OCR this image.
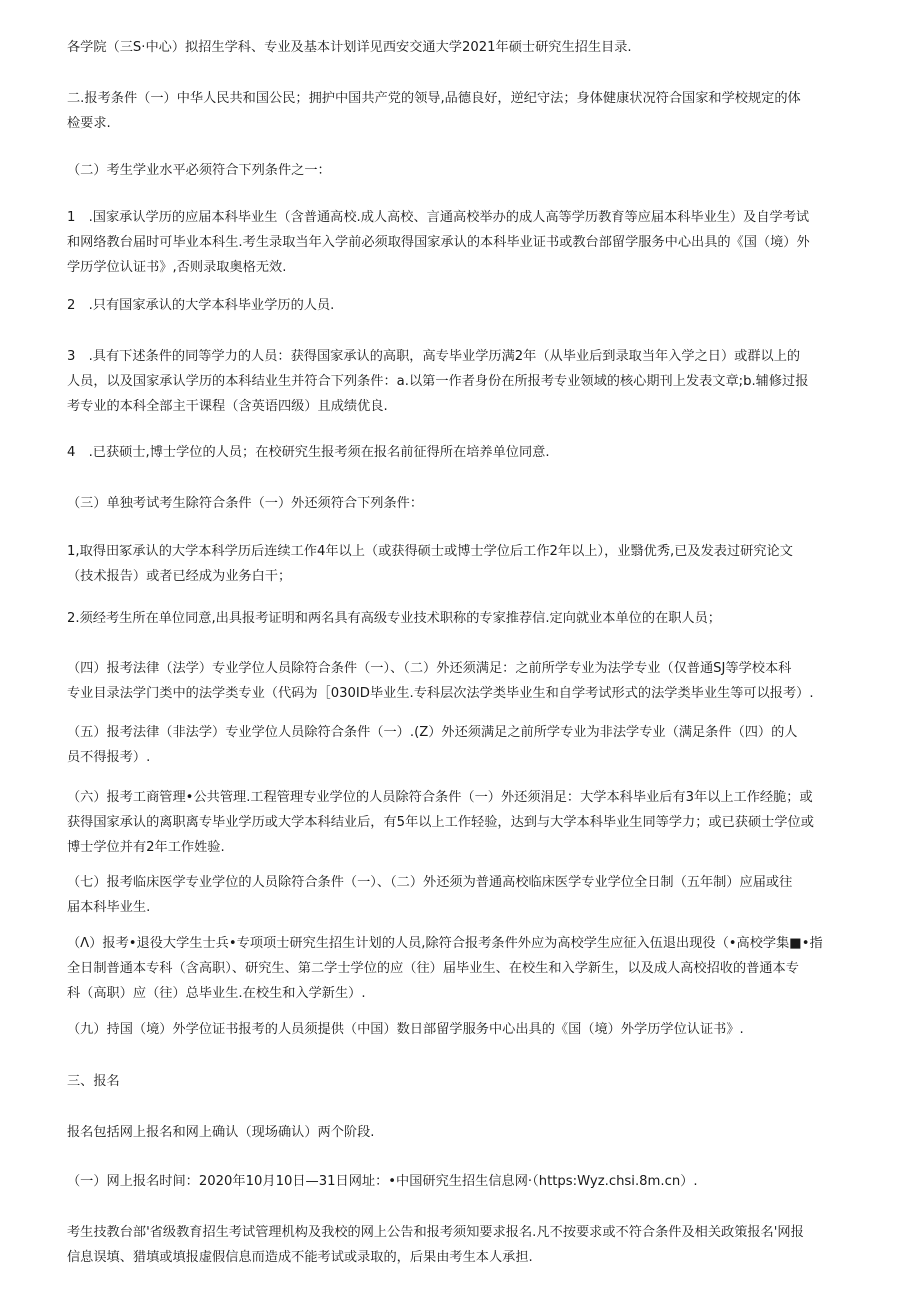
各学院（三S·中心）拟招生学科、专业及基本计划详见西安交通大学2021年硕士研究生招生目录.
二.报考条件（一）中华人民共和国公民；拥护中国共产党的领导,品德良好，逆纪守法；身体健康状况符合国家和学校规定的体
检要求.
（二）考生学业水平必须符合下列条件之一：
1　.国家承认学历的应届本科毕业生（含普通高校.成人高校、言通高校举办的成人高等学历教育等应届本科毕业生）及自学考试
和网络教台届时可毕业本科生.考生录取当年入学前必须取得国家承认的本科毕业证书或教台部留学服务中心出具的《国（境）外
学历学位认证书》,否则录取奥格无效.
2　.只有国家承认的大学本科毕业学历的人员.
3　.具有下述条件的同等学力的人员：获得国家承认的高职，高专毕业学历满2年（从毕业后到录取当年入学之日）或群以上的
人员，以及国家承认学历的本科结业生并符合下列条件：a.以第一作者身份在所报考专业领域的核心期刊上发表文章;b.辅修过报
考专业的本科全部主干课程（含英语四级）且成绩优良.
4　.已获硕士,博士学位的人员；在校研究生报考须在报名前征得所在培养单位同意.
（三）单独考试考生除符合条件（一）外还须符合下列条件：
1,取得田冢承认的大学本科学历后连续工作4年以上（或获得硕士或博士学位后工作2年以上），业翳优秀,已及发表过研究论文
（技术报告）或者已经成为业务白干；
2.须经考生所在单位同意,出具报考证明和两名具有高级专业技术职称的专家推荐信.定向就业本单位的在职人员；
（四）报考法律（法学）专业学位人员除符合条件（一）、（二）外还须满足：之前所学专业为法学专业（仅普通SJ等学校本科
专业目录法学门类中的法学类专业（代码为［030ID毕业生.专科层次法学类毕业生和自学考试形式的法学类毕业生等可以报考）.
（五）报考法律（非法学）专业学位人员除符合条件（一）.(Z）外还须满足之前所学专业为非法学专业（满足条件（四）的人
员不得报考）.
（六）报考工商管理•公共管理.工程管理专业学位的人员除符合条件（一）外还须涓足：大学本科毕业后有3年以上工作经脆；或
获得国家承认的离职离专毕业学历或大学本科结业后，有5年以上工作轻验，达到与大学本科毕业生同等学力；或已获硕士学位或
博士学位并有2年工作姓验.
（七）报考临床医学专业学位的人员除符合条件（一）、（二）外还须为普通高校临床医学专业学位全日制（五年制）应届或往
届本科毕业生.
（Λ）报考•退役大学生士兵•专项项士研究生招生计划的人员,除符合报考条件外应为高校学生应征入伍退出现役（•高校学集■•指
全日制普通本专科（含高职）、研究生、第二学士学位的应（往）届毕业生、在校生和入学新生，以及成人高校招收的普通本专
科（高职）应（往）总毕业生.在校生和入学新生）.
（九）持国（境）外学位证书报考的人员须提供（中国）数日部留学服务中心出具的《国（境）外学历学位认证书》.
三、报名
报名包括网上报名和网上确认（现场确认）两个阶段.
（一）网上报名时间：2020年10月10日—31日网址：•中国研究生招生信息网·（https:Wyz.chsi.8m.cn）.
考生技教台部'省级教育招生考试管理机构及我校的网上公告和报考须知要求报名.凡不按要求或不符合条件及相关政策报名'网报
信息误填、猎填或填报虚假信息而造成不能考试或录取的，后果由考生本人承担.
